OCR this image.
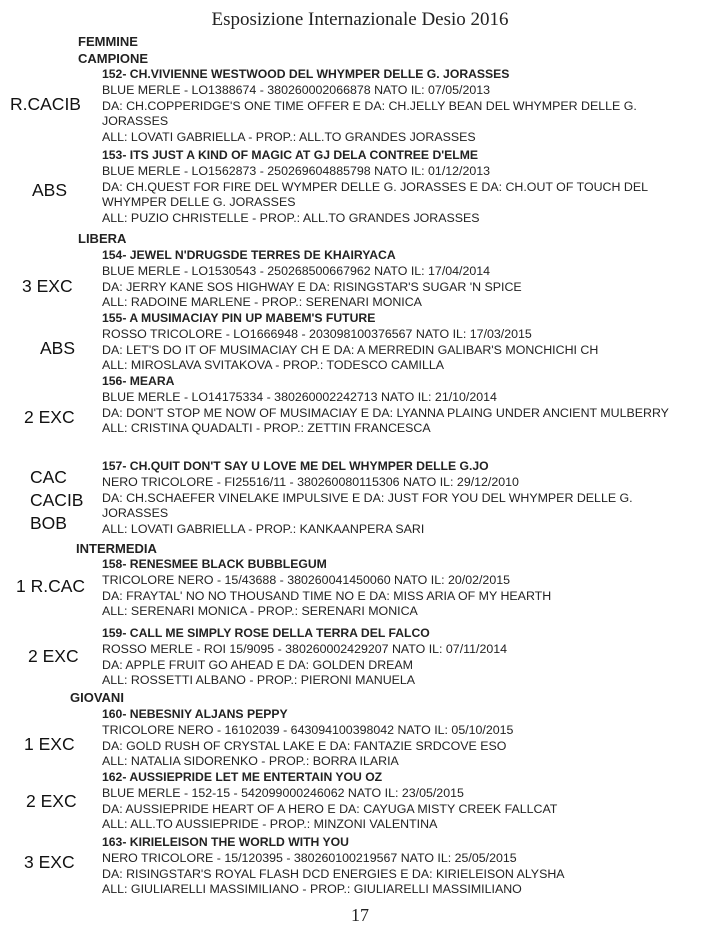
Esposizione Internazionale Desio 2016
FEMMINE
CAMPIONE
R.CACIB
152- CH.VIVIENNE WESTWOOD DEL WHYMPER DELLE G. JORASSES
BLUE MERLE - LO1388674 - 380260002066878 NATO IL: 07/05/2013
DA: CH.COPPERIDGE'S ONE TIME OFFER E DA: CH.JELLY BEAN DEL WHYMPER DELLE G. JORASSES
ALL: LOVATI GABRIELLA - PROP.: ALL.TO GRANDES JORASSES
ABS
153- ITS JUST A KIND OF MAGIC AT GJ DELA CONTREE D'ELME
BLUE MERLE - LO1562873 - 250269604885798 NATO IL: 01/12/2013
DA: CH.QUEST FOR FIRE DEL WYMPER DELLE G. JORASSES E DA: CH.OUT OF TOUCH DEL WHYMPER DELLE G. JORASSES
ALL: PUZIO CHRISTELLE - PROP.: ALL.TO GRANDES JORASSES
LIBERA
3 EXC
154- JEWEL N'DRUGSDE TERRES DE KHAIRYACA
BLUE MERLE - LO1530543 - 250268500667962 NATO IL: 17/04/2014
DA: JERRY KANE SOS HIGHWAY E DA: RISINGSTAR'S SUGAR 'N SPICE
ALL: RADOINE MARLENE - PROP.: SERENARI MONICA
ABS
155- A MUSIMACIAY PIN UP MABEM'S FUTURE
ROSSO TRICOLORE - LO1666948 - 203098100376567 NATO IL: 17/03/2015
DA: LET'S DO IT OF MUSIMACIAY CH E DA: A MERREDIN GALIBAR'S MONCHICHI CH
ALL: MIROSLAVA SVITAKOVA - PROP.: TODESCO CAMILLA
2 EXC
156- MEARA
BLUE MERLE - LO14175334 - 380260002242713 NATO IL: 21/10/2014
DA: DON'T STOP ME NOW OF MUSIMACIAY E DA: LYANNA PLAING UNDER ANCIENT MULBERRY
ALL: CRISTINA QUADALTI - PROP.: ZETTIN FRANCESCA
CAC
CACIB
BOB
157- CH.QUIT DON'T SAY U LOVE ME DEL WHYMPER DELLE G.JO
NERO TRICOLORE - FI25516/11 - 380260080115306 NATO IL: 29/12/2010
DA: CH.SCHAEFER VINELAKE IMPULSIVE E DA: JUST FOR YOU DEL WHYMPER DELLE G. JORASSES
ALL: LOVATI GABRIELLA - PROP.: KANKAANPERA SARI
INTERMEDIA
1 R.CAC
158- RENESMEE BLACK BUBBLEGUM
TRICOLORE NERO - 15/43688 - 380260041450060 NATO IL: 20/02/2015
DA: FRAYTAL' NO NO THOUSAND TIME NO E DA: MISS ARIA OF MY HEARTH
ALL: SERENARI MONICA - PROP.: SERENARI MONICA
2 EXC
159- CALL ME SIMPLY ROSE DELLA TERRA DEL FALCO
ROSSO MERLE - ROI 15/9095 - 380260002429207 NATO IL: 07/11/2014
DA: APPLE FRUIT GO AHEAD E DA: GOLDEN DREAM
ALL: ROSSETTI ALBANO - PROP.: PIERONI MANUELA
GIOVANI
1 EXC
160- NEBESNIY ALJANS PEPPY
TRICOLORE NERO - 16102039 - 643094100398042 NATO IL: 05/10/2015
DA: GOLD RUSH OF CRYSTAL LAKE E DA: FANTAZIE SRDCOVE ESO
ALL: NATALIA SIDORENKO - PROP.: BORRA ILARIA
2 EXC
162- AUSSIEPRIDE LET ME ENTERTAIN YOU OZ
BLUE MERLE - 152-15 - 542099000246062 NATO IL: 23/05/2015
DA: AUSSIEPRIDE HEART OF A HERO E DA: CAYUGA MISTY CREEK FALLCAT
ALL: ALL.TO AUSSIEPRIDE - PROP.: MINZONI VALENTINA
3 EXC
163- KIRIELEISON THE WORLD WITH YOU
NERO TRICOLORE - 15/120395 - 380260100219567 NATO IL: 25/05/2015
DA: RISINGSTAR'S ROYAL FLASH DCD ENERGIES E DA: KIRIELEISON ALYSHA
ALL: GIULIARELLI MASSIMILIANO - PROP.: GIULIARELLI MASSIMILIANO
17
